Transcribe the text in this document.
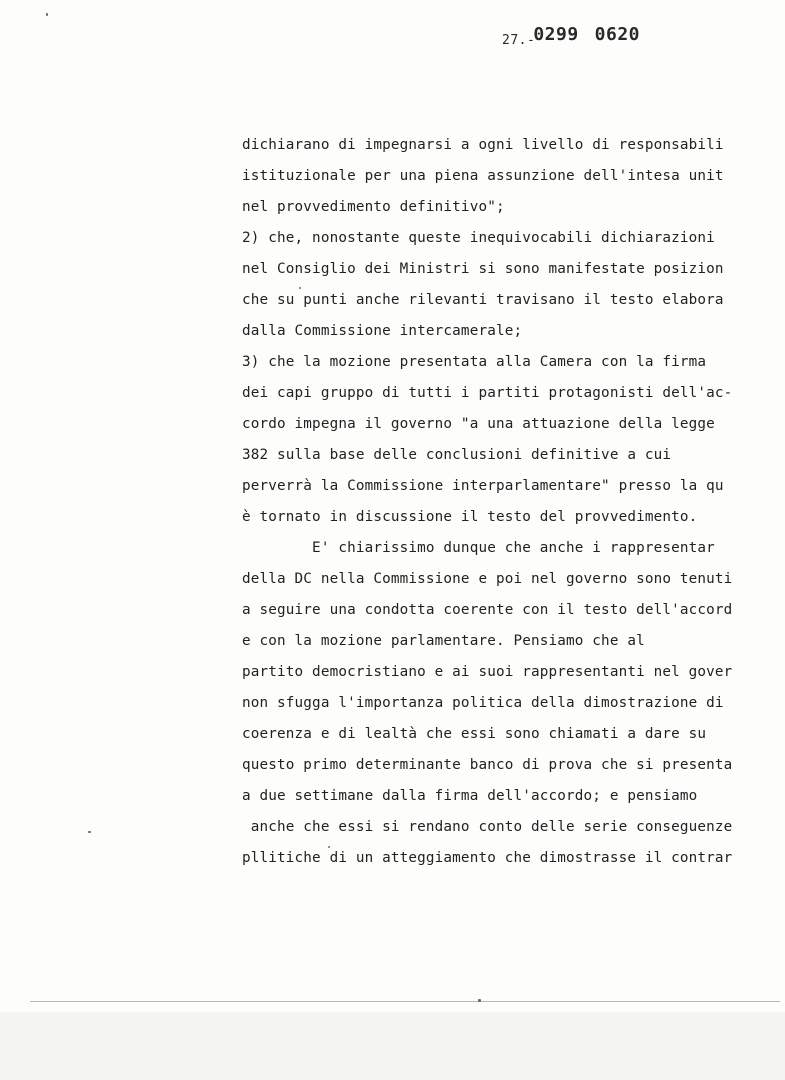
$_{27.-}$0299 0620
dichiarano di impegnarsi a ogni livello di responsabili
istituzionale per una piena assunzione dell'intesa unit
nel provvedimento definitivo";
2) che, nonostante queste inequivocabili dichiarazioni
nel Consiglio dei Ministri si sono manifestate posizion
che su punti anche rilevanti travisano il testo elabora
dalla Commissione intercamerale;
3) che la mozione presentata alla Camera con la firma
dei capi gruppo di tutti i partiti protagonisti dell'ac-
cordo impegna il governo "a una attuazione della legge
382 sulla base delle conclusioni definitive a cui
perverrà la Commissione interparlamentare" presso la qu
è tornato in discussione il testo del provvedimento.
E' chiarissimo dunque che anche i rappresentar
della DC nella Commissione e poi nel governo sono tenuti
a seguire una condotta coerente con il testo dell'accord
e con la mozione parlamentare. Pensiamo che al
partito democristiano e ai suoi rappresentanti nel gover
non sfugga l'importanza politica della dimostrazione di
coerenza e di lealtà che essi sono chiamati a dare su
questo primo determinante banco di prova che si presenta
a due settimane dalla firma dell'accordo; e pensiamo
anche che essi si rendano conto delle serie conseguenze
pllitiche di un atteggiamento che dimostrasse il contrar
